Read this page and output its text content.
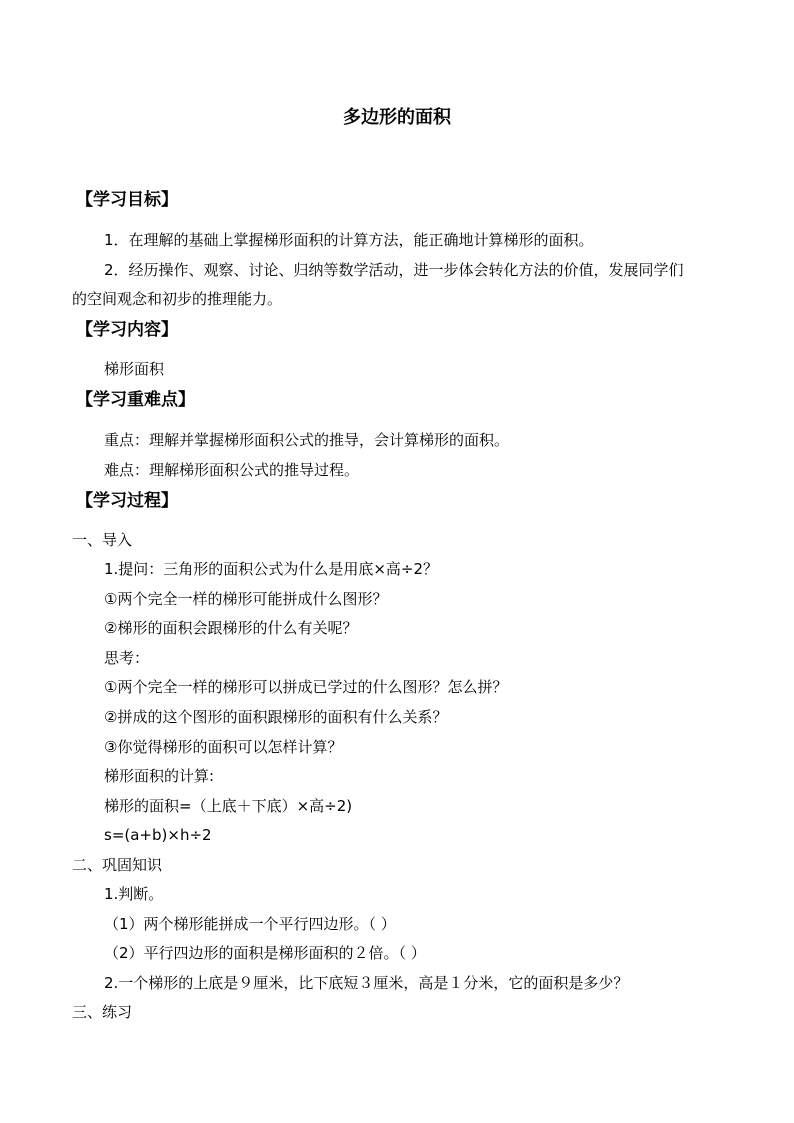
多边形的面积
【学习目标】
1．在理解的基础上掌握梯形面积的计算方法，能正确地计算梯形的面积。
2．经历操作、观察、讨论、归纳等数学活动，进一步体会转化方法的价值，发展同学们
的空间观念和初步的推理能力。
【学习内容】
梯形面积
【学习重难点】
重点：理解并掌握梯形面积公式的推导，会计算梯形的面积。
难点：理解梯形面积公式的推导过程。
【学习过程】
一、导入
1.提问：三角形的面积公式为什么是用底×高÷2？
①两个完全一样的梯形可能拼成什么图形？
②梯形的面积会跟梯形的什么有关呢？
思考：
①两个完全一样的梯形可以拼成已学过的什么图形？怎么拼？
②拼成的这个图形的面积跟梯形的面积有什么关系？
③你觉得梯形的面积可以怎样计算？
梯形面积的计算:
梯形的面积=（上底＋下底）×高÷2)
s=(a+b)×h÷2
二、巩固知识
1.判断。
（1）两个梯形能拼成一个平行四边形。（ ）
（2）平行四边形的面积是梯形面积的２倍。（ ）
2.一个梯形的上底是９厘米，比下底短３厘米，高是１分米，它的面积是多少？
三、练习
